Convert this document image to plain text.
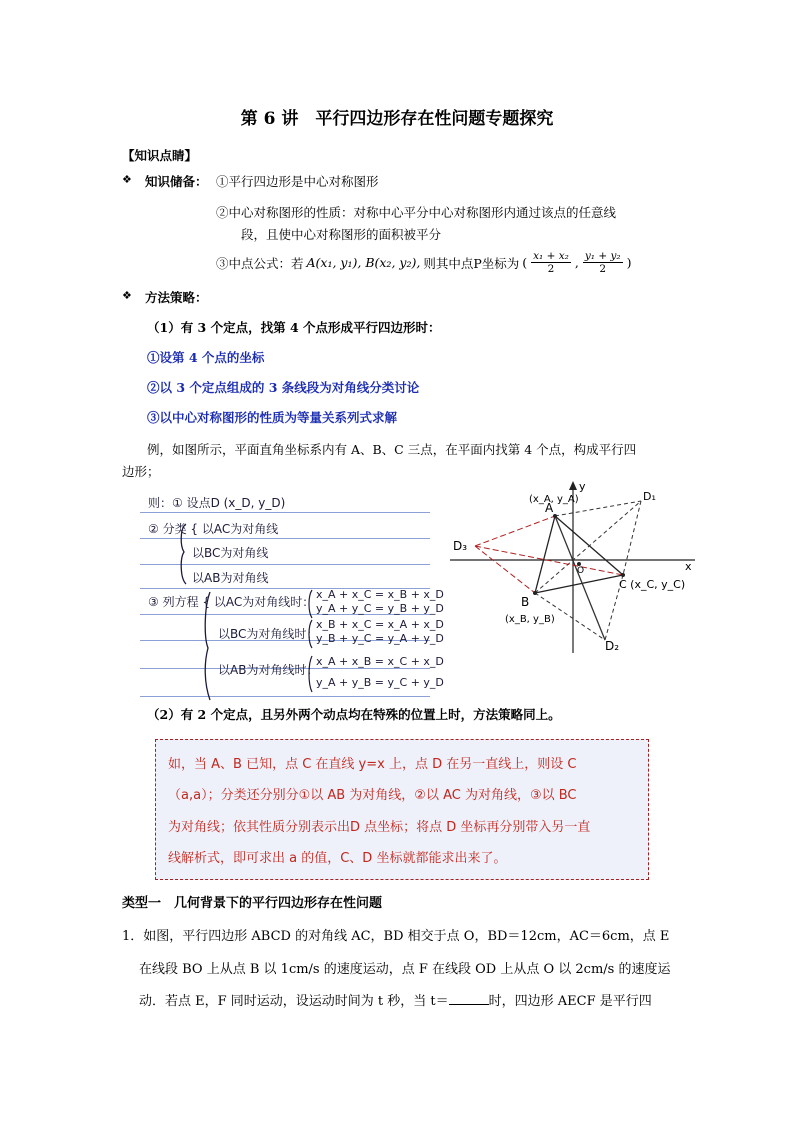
第 6 讲　平行四边形存在性问题专题探究
【知识点睛】
❖ 知识储备： ①平行四边形是中心对称图形
②中心对称图形的性质：对称中心平分中心对称图形内通过该点的任意线
段，且使中心对称图形的面积被平分
③中点公式：若 A(x₁, y₁), B(x₂, y₂), 则其中点P坐标为 ( $\frac{\text{x₁ + x₂}}{2}$ , $\frac{\text{y₁ + y₂}}{2}$ )
❖ 方法策略：
（1）有 3 个定点，找第 4 个点形成平行四边形时：
①设第 4 个点的坐标
②以 3 个定点组成的 3 条线段为对角线分类讨论
③以中心对称图形的性质为等量关系列式求解
例，如图所示，平面直角坐标系内有 A、B、C 三点，在平面内找第 4 个点，构成平行四
边形；
则：① 设点D (x_D, y_D)
② 分类 { 以AC为对角线
以BC为对角线
以AB为对角线
③ 列方程 { 以AC为对角线时：
x_A + x_C = x_B + x_D
y_A + y_C = y_B + y_D
以BC为对角线时：
x_B + x_C = x_A + x_D
y_B + y_C = y_A + y_D
以AB为对角线时：
x_A + x_B = x_C + x_D
y_A + y_B = y_C + y_D
A
(x_A, y_A)
B
(x_B, y_B)
C (x_C, y_C)
D₁
D₂
D₃
O	x
y
（2）有 2 个定点，且另外两个动点均在特殊的位置上时，方法策略同上。
如，当 A、B 已知，点 C 在直线 y=x 上，点 D 在另一直线上，则设 C
（a,a）；分类还分别分①以 AB 为对角线，②以 AC 为对角线，③以 BC
为对角线；依其性质分别表示出D 点坐标；将点 D 坐标再分别带入另一直
线解析式，即可求出 a 的值，C、D 坐标就都能求出来了。
类型一　几何背景下的平行四边形存在性问题
1．如图，平行四边形 ABCD 的对角线 AC，BD 相交于点 O，BD＝12cm，AC＝6cm，点 E
在线段 BO 上从点 B 以 1cm/s 的速度运动，点 F 在线段 OD 上从点 O 以 2cm/s 的速度运
动．若点 E，F 同时运动，设运动时间为 t 秒，当 t＝	时，四边形 AECF 是平行四
